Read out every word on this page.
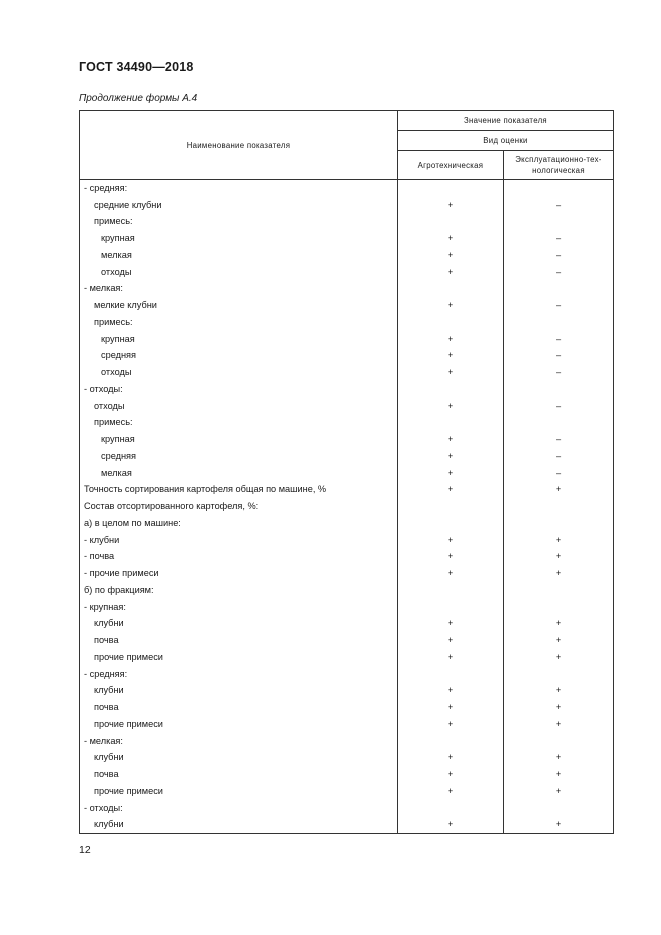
ГОСТ 34490—2018
Продолжение формы А.4
Наименование показателя	Значение показателя	
	Вид оценки	
	Агротехническая	Эксплуатационно-тех-нологическая
- средняя:		
средние клубни	+	–
примесь:		
крупная	+	–
мелкая	+	–
отходы	+	–
- мелкая:		
мелкие клубни	+	–
примесь:		
крупная	+	–
средняя	+	–
отходы	+	–
- отходы:		
отходы	+	–
примесь:		
крупная	+	–
средняя	+	–
мелкая	+	–
Точность сортирования картофеля общая по машине, %	+	+
Состав отсортированного картофеля, %:		
а) в целом по машине:		
- клубни	+	+
- почва	+	+
- прочие примеси	+	+
б) по фракциям:		
- крупная:		
клубни	+	+
почва	+	+
прочие примеси	+	+
- средняя:		
клубни	+	+
почва	+	+
прочие примеси	+	+
- мелкая:		
клубни	+	+
почва	+	+
прочие примеси	+	+
- отходы:		
клубни	+	+
12
